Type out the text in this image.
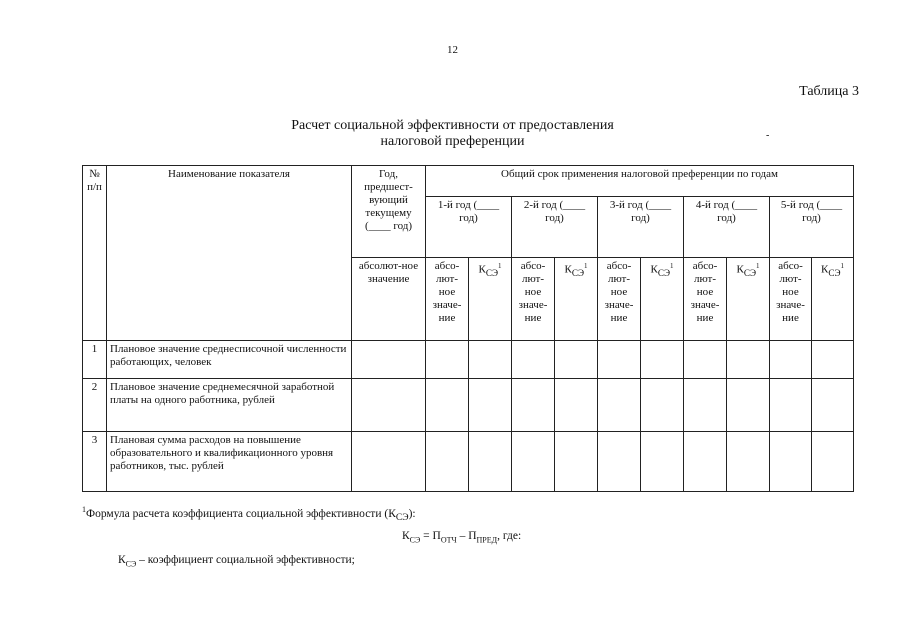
12
Таблица 3
Расчет социальной эффективности от предоставления
налоговой преференции	-
№ п/п	Наименование показателя	Год, предшест-вующий текущему (____ год)	Общий срок применения налоговой преференции по годам									
			1-й год (____ год)		2-й год (____ год)		3-й год (____ год)		4-й год (____ год)		5-й год (____ год)	
		абсолют-ное значение	абсо-лют-ное значе-ние	$К_{СЭ}^1$	абсо-лют-ное значе-ние	$К_{СЭ}^1$	абсо-лют-ное значе-ние	$К_{СЭ}^1$	абсо-лют-ное значе-ние	$К_{СЭ}^1$	абсо-лют-ное значе-ние	$К_{СЭ}^1$
1	Плановое значение среднесписочной численности работающих, человек											
2	Плановое значение среднемесячной заработной платы на одного работника, рублей											
3	Плановая сумма расходов на повышение образовательного и квалификационного уровня работников, тыс. рублей											
$^1$Формула расчета коэффициента социальной эффективности $(К_{СЭ})$:
$К_{СЭ} = П_{ОТЧ} - П_{ПРЕД}$, где:
$К_{СЭ}$ – коэффициент социальной эффективности;
